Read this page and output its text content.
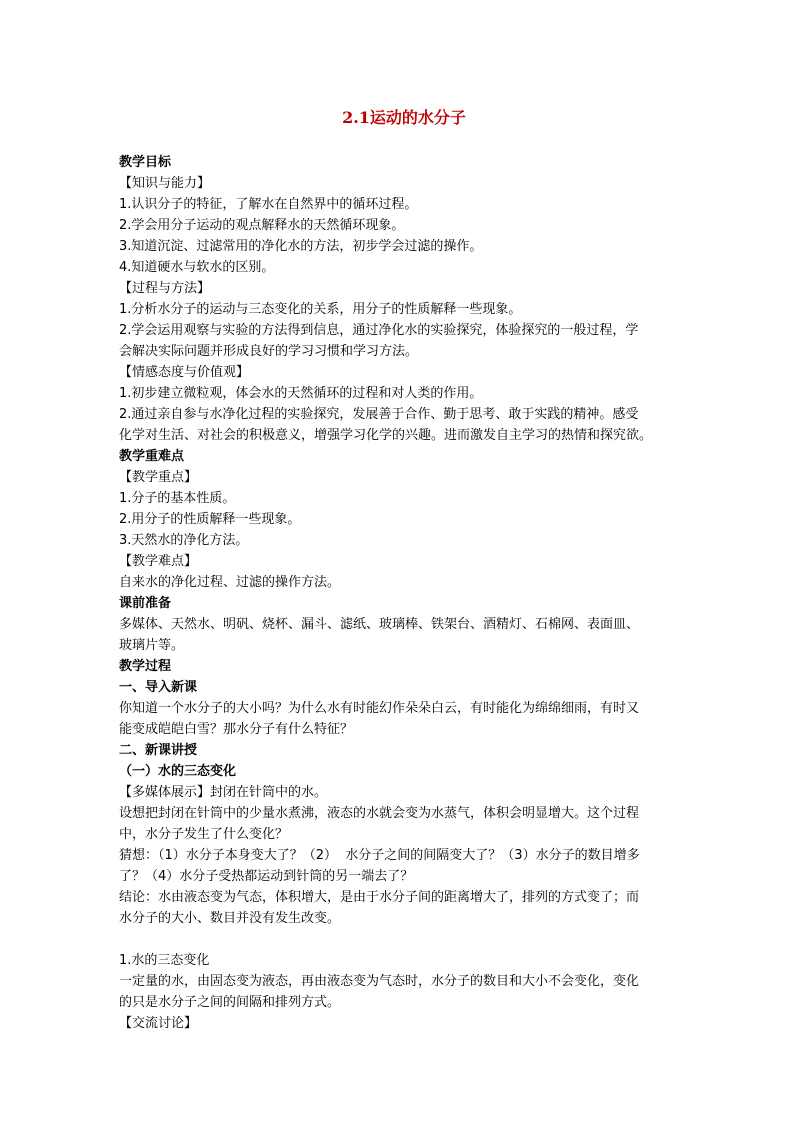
2.1运动的水分子

教学目标

【知识与能力】

1.认识分子的特征，了解水在自然界中的循环过程。

2.学会用分子运动的观点解释水的天然循环现象。

3.知道沉淀、过滤常用的净化水的方法，初步学会过滤的操作。

4.知道硬水与软水的区别。

【过程与方法】

1.分析水分子的运动与三态变化的关系，用分子的性质解释一些现象。

2.学会运用观察与实验的方法得到信息，通过净化水的实验探究，体验探究的一般过程，学

会解决实际问题并形成良好的学习习惯和学习方法。

【情感态度与价值观】

1.初步建立微粒观，体会水的天然循环的过程和对人类的作用。

2.通过亲自参与水净化过程的实验探究，发展善于合作、勤于思考、敢于实践的精神。感受

化学对生活、对社会的积极意义，增强学习化学的兴趣。进而激发自主学习的热情和探究欲。

教学重难点

【教学重点】

1.分子的基本性质。

2.用分子的性质解释一些现象。

3.天然水的净化方法。

【教学难点】

自来水的净化过程、过滤的操作方法。

课前准备

多媒体、天然水、明矾、烧杯、漏斗、滤纸、玻璃棒、铁架台、酒精灯、石棉网、表面皿、

玻璃片等。

教学过程

一、导入新课

你知道一个水分子的大小吗？为什么水有时能幻作朵朵白云，有时能化为绵绵细雨，有时又

能变成皑皑白雪？那水分子有什么特征？

二、新课讲授

（一）水的三态变化

【多媒体展示】封闭在针筒中的水。

设想把封闭在针筒中的少量水煮沸，液态的水就会变为水蒸气，体积会明显增大。这个过程

中，水分子发生了什么变化？

猜想：（1）水分子本身变大了？（2）  水分子之间的间隔变大了？（3）水分子的数目增多

了？（4）水分子受热都运动到针筒的另一端去了？

结论：水由液态变为气态，体积增大，是由于水分子间的距离增大了，排列的方式变了；而

水分子的大小、数目并没有发生改变。

1.水的三态变化

一定量的水，由固态变为液态，再由液态变为气态时，水分子的数目和大小不会变化，变化

的只是水分子之间的间隔和排列方式。

【交流讨论】
